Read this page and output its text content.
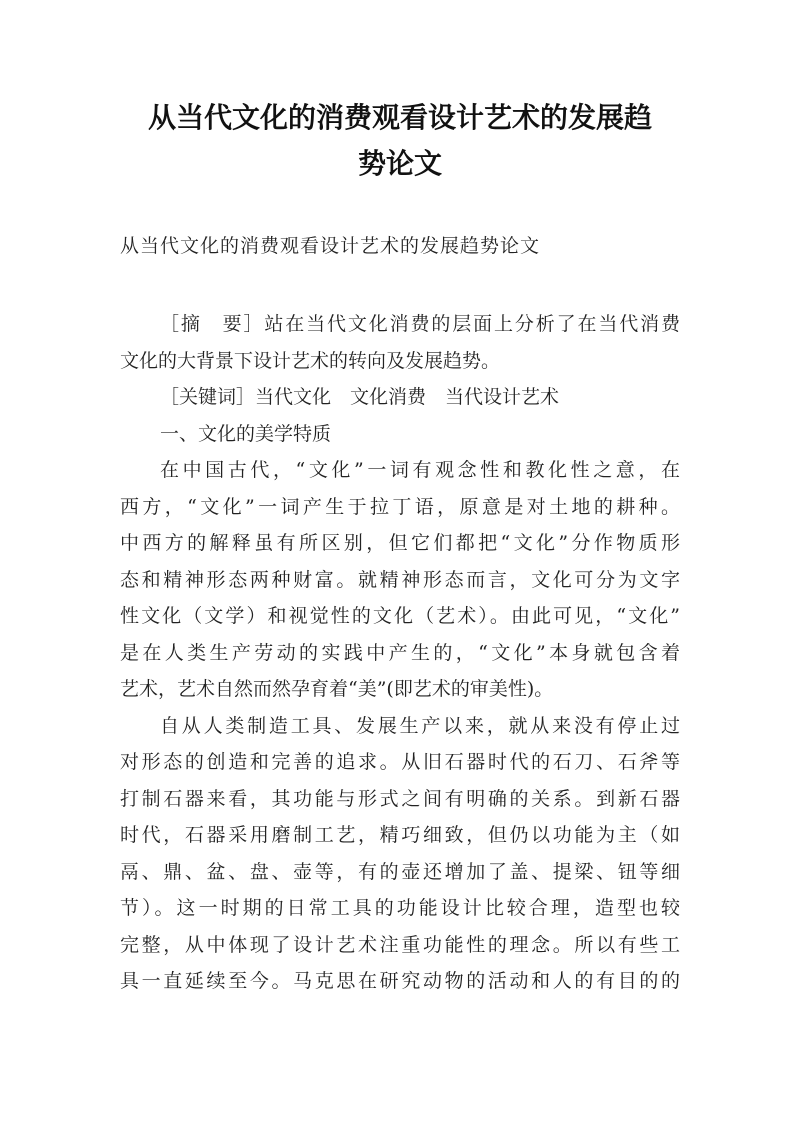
从当代文化的消费观看设计艺术的发展趋
势论文
从当代文化的消费观看设计艺术的发展趋势论文
［摘　要］站在当代文化消费的层面上分析了在当代消费
文化的大背景下设计艺术的转向及发展趋势。
［关键词］当代文化　文化消费　当代设计艺术
一、文化的美学特质
在中国古代，“文化”一词有观念性和教化性之意，在
西方，“文化”一词产生于拉丁语，原意是对土地的耕种。
中西方的解释虽有所区别，但它们都把“文化”分作物质形
态和精神形态两种财富。就精神形态而言，文化可分为文字
性文化（文学）和视觉性的文化（艺术）。由此可见，“文化”
是在人类生产劳动的实践中产生的，“文化”本身就包含着
艺术，艺术自然而然孕育着“美”(即艺术的审美性)。
自从人类制造工具、发展生产以来，就从来没有停止过
对形态的创造和完善的追求。从旧石器时代的石刀、石斧等
打制石器来看，其功能与形式之间有明确的关系。到新石器
时代，石器采用磨制工艺，精巧细致，但仍以功能为主（如
鬲、鼎、盆、盘、壶等，有的壶还增加了盖、提梁、钮等细
节）。这一时期的日常工具的功能设计比较合理，造型也较
完整，从中体现了设计艺术注重功能性的理念。所以有些工
具一直延续至今。马克思在研究动物的活动和人的有目的的
